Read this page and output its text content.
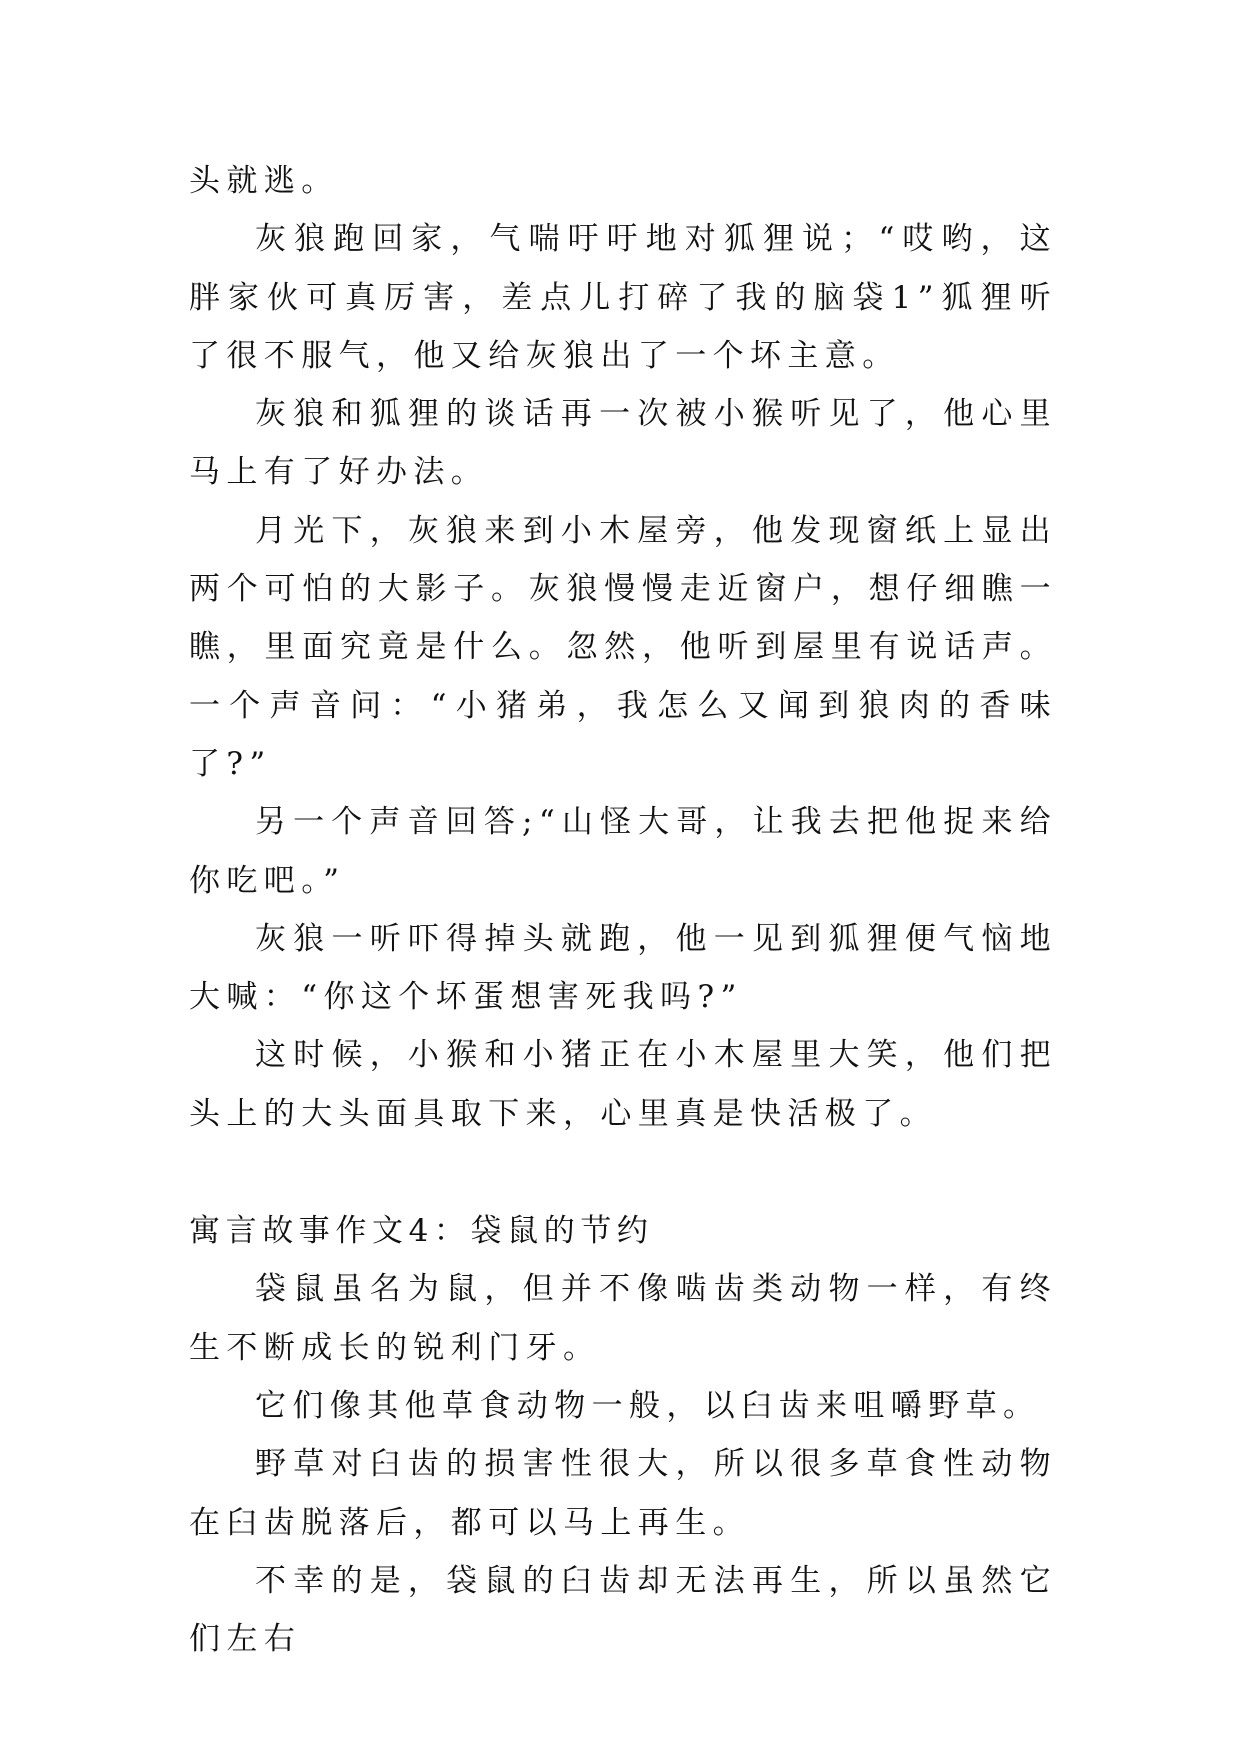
头就逃。

灰狼跑回家，气喘吁吁地对狐狸说；“哎哟，这胖家伙可真厉害，差点儿打碎了我的脑袋1”狐狸听了很不服气，他又给灰狼出了一个坏主意。

灰狼和狐狸的谈话再一次被小猴听见了，他心里马上有了好办法。

月光下，灰狼来到小木屋旁，他发现窗纸上显出两个可怕的大影子。灰狼慢慢走近窗户，想仔细瞧一瞧，里面究竟是什么。忽然，他听到屋里有说话声。一个声音问：“小猪弟，我怎么又闻到狼肉的香味了?”

另一个声音回答;“山怪大哥，让我去把他捉来给你吃吧。”

灰狼一听吓得掉头就跑，他一见到狐狸便气恼地大喊：“你这个坏蛋想害死我吗?”

这时候，小猴和小猪正在小木屋里大笑，他们把头上的大头面具取下来，心里真是快活极了。

寓言故事作文4：袋鼠的节约

袋鼠虽名为鼠，但并不像啮齿类动物一样，有终生不断成长的锐利门牙。

它们像其他草食动物一般，以臼齿来咀嚼野草。

野草对臼齿的损害性很大，所以很多草食性动物在臼齿脱落后，都可以马上再生。

不幸的是，袋鼠的臼齿却无法再生，所以虽然它们左右
